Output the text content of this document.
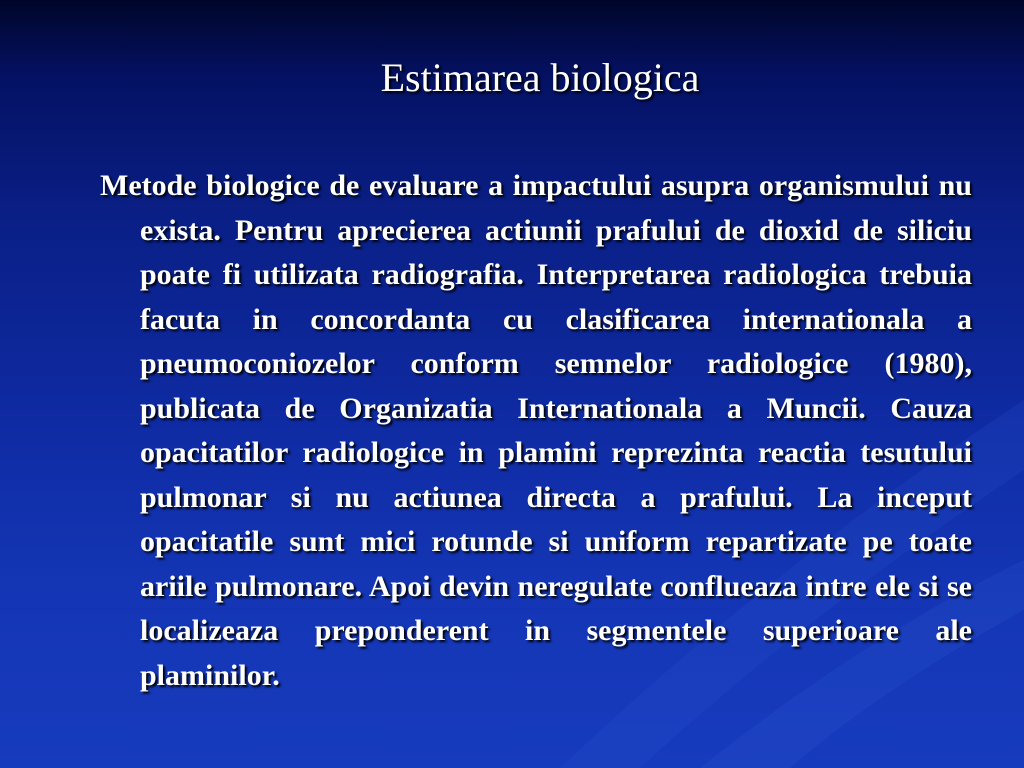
Estimarea biologica

Metode biologice de evaluare a impactului asupra organismului nu exista. Pentru aprecierea actiunii prafului de dioxid de siliciu poate fi utilizata radiografia. Interpretarea radiologica trebuia facuta in concordanta cu clasificarea internationala a pneumoconiozelor conform semnelor radiologice (1980), publicata de Organizatia Internationala a Muncii. Cauza opacitatilor radiologice in plamini reprezinta reactia tesutului pulmonar si nu actiunea directa a prafului. La inceput opacitatile sunt mici rotunde si uniform repartizate pe toate ariile pulmonare. Apoi devin neregulate conflueaza intre ele si se localizeaza preponderent in segmentele superioare ale plaminilor.
